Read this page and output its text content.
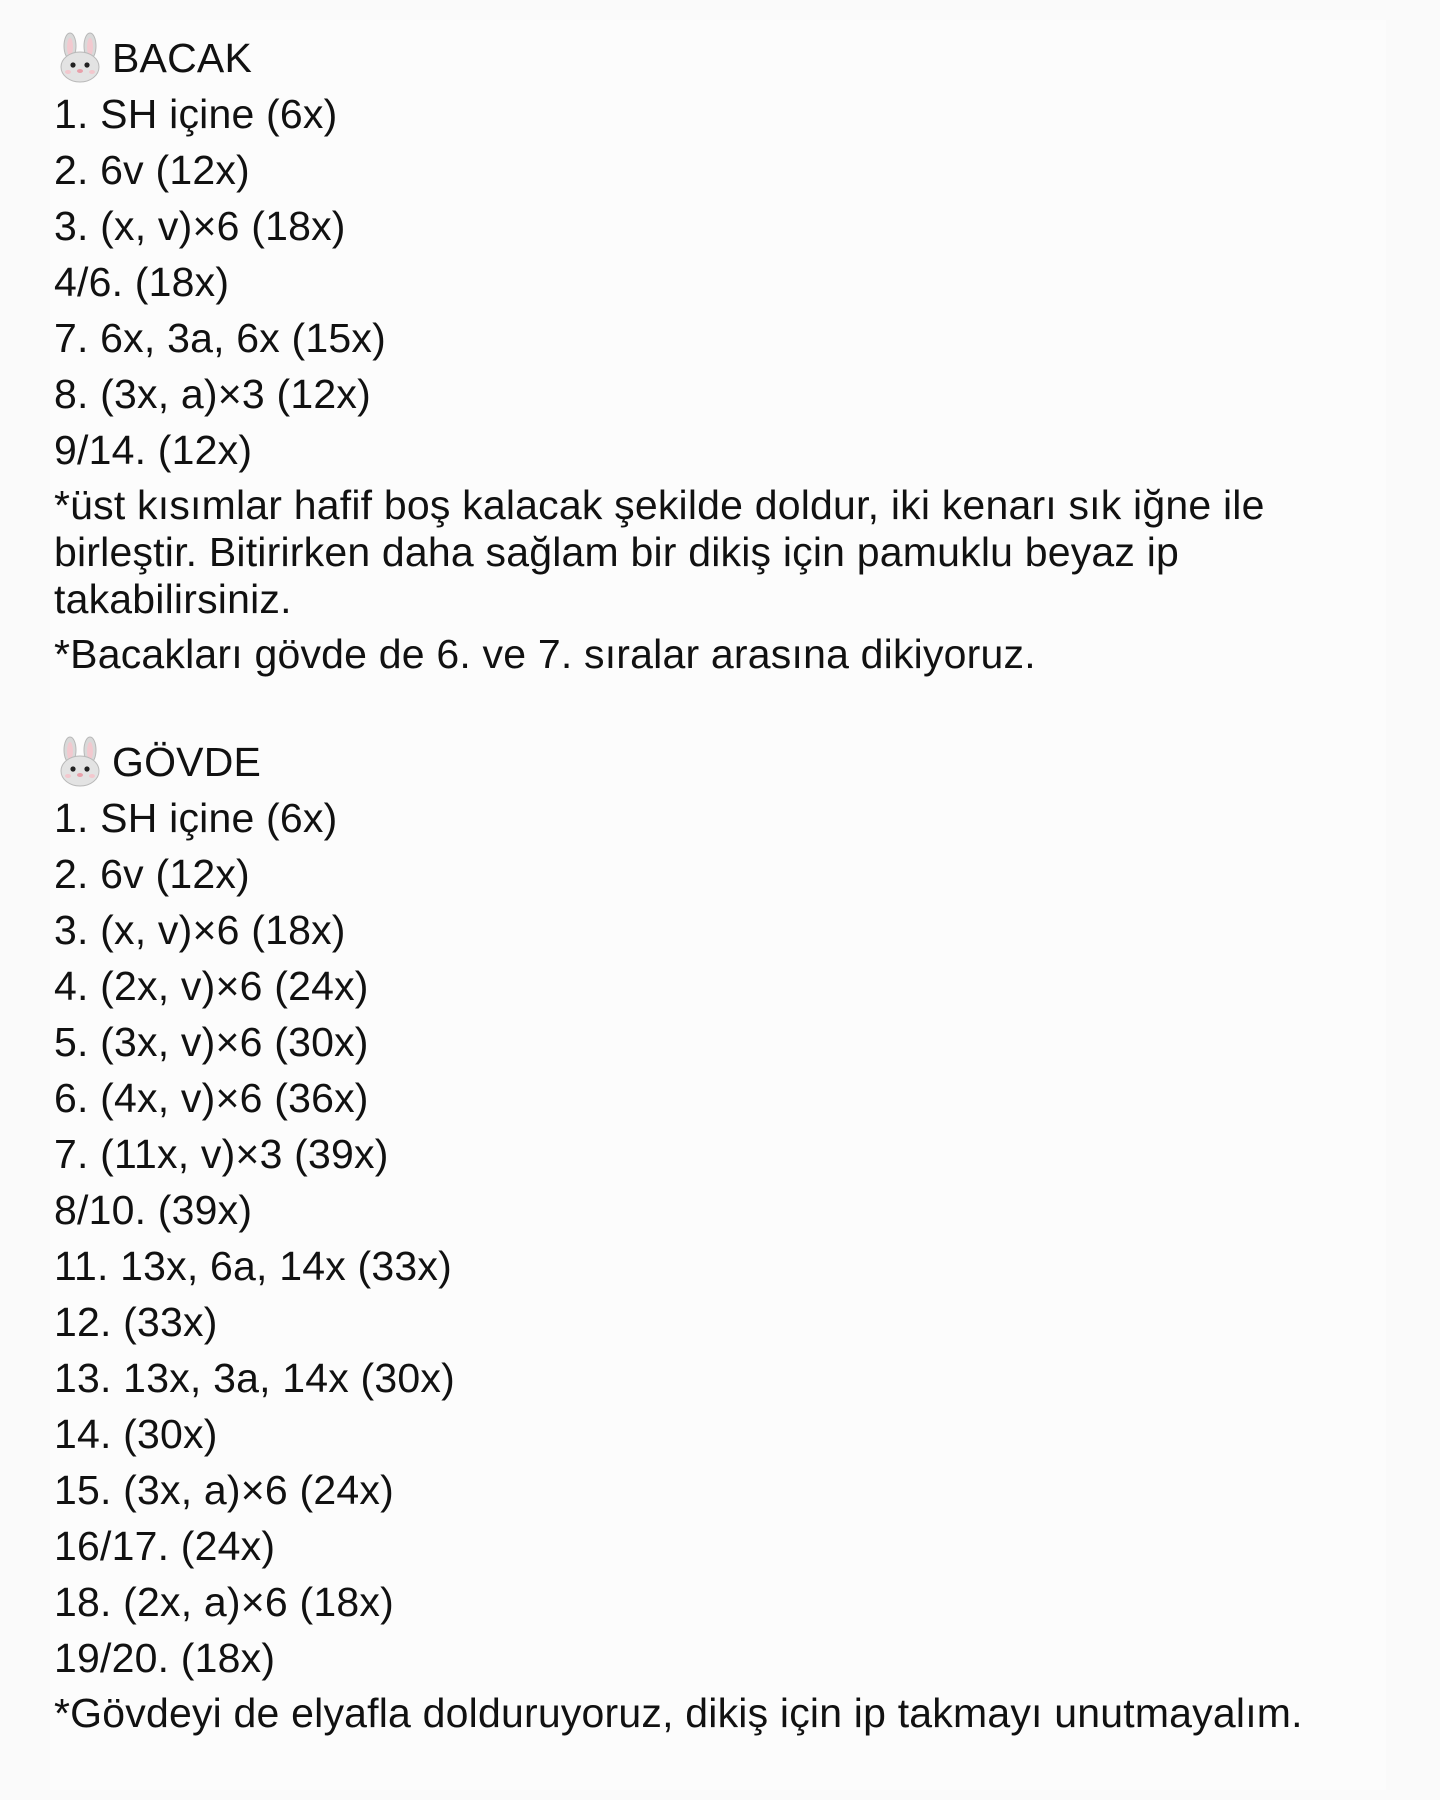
BACAK
1. SH içine (6x)
2. 6v (12x)
3. (x, v)×6 (18x)
4/6. (18x)
7. 6x, 3a, 6x (15x)
8. (3x, a)×3 (12x)
9/14. (12x)
*üst kısımlar hafif boş kalacak şekilde doldur, iki kenarı sık iğne ile birleştir. Bitirirken daha sağlam bir dikiş için pamuklu beyaz ip takabilirsiniz.
*Bacakları gövde de 6. ve 7. sıralar arasına dikiyoruz.
GÖVDE
1. SH içine (6x)
2. 6v (12x)
3. (x, v)×6 (18x)
4. (2x, v)×6 (24x)
5. (3x, v)×6 (30x)
6. (4x, v)×6 (36x)
7. (11x, v)×3 (39x)
8/10. (39x)
11. 13x, 6a, 14x (33x)
12. (33x)
13. 13x, 3a, 14x (30x)
14. (30x)
15. (3x, a)×6 (24x)
16/17. (24x)
18. (2x, a)×6 (18x)
19/20. (18x)
*Gövdeyi de elyafla dolduruyoruz, dikiş için ip takmayı unutmayalım.
